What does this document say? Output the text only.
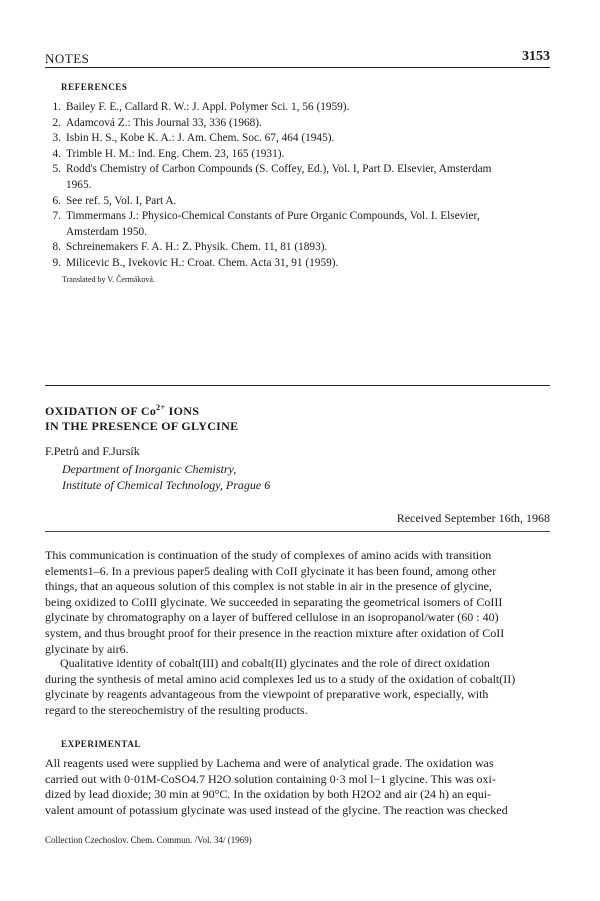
NOTES	3153
REFERENCES
1. Bailey F. E., Callard R. W.: J. Appl. Polymer Sci. 1, 56 (1959).
2. Adamcová Z.: This Journal 33, 336 (1968).
3. Isbin H. S., Kobe K. A.: J. Am. Chem. Soc. 67, 464 (1945).
4. Trimble H. M.: Ind. Eng. Chem. 23, 165 (1931).
5. Rodd's Chemistry of Carbon Compounds (S. Coffey, Ed.), Vol. I, Part D. Elsevier, Amsterdam
1965.
6. See ref. 5, Vol. I, Part A.
7. Timmermans J.: Physico-Chemical Constants of Pure Organic Compounds, Vol. I. Elsevier,
Amsterdam 1950.
8. Schreinemakers F. A. H.: Z. Physik. Chem. 11, 81 (1893).
9. Milicevic B., Ivekovic H.: Croat. Chem. Acta 31, 91 (1959).
Translated by V. Čermáková.
OXIDATION OF $Co^{2+}$ IONS
IN THE PRESENCE OF GLYCINE
F.Petrů and F.Jursík
Department of Inorganic Chemistry,
Institute of Chemical Technology, Prague 6
Received September 16th, 1968
This communication is continuation of the study of complexes of amino acids with transition
elements1–6. In a previous paper5 dealing with CoII glycinate it has been found, among other
things, that an aqueous solution of this complex is not stable in air in the presence of glycine,
being oxidized to CoIII glycinate. We succeeded in separating the geometrical isomers of CoIII
glycinate by chromatography on a layer of buffered cellulose in an isopropanol/water (60 : 40)
system, and thus brought proof for their presence in the reaction mixture after oxidation of CoII
glycinate by air6.
Qualitative identity of cobalt(III) and cobalt(II) glycinates and the role of direct oxidation
during the synthesis of metal amino acid complexes led us to a study of the oxidation of cobalt(II)
glycinate by reagents advantageous from the viewpoint of preparative work, especially, with
regard to the stereochemistry of the resulting products.
EXPERIMENTAL
All reagents used were supplied by Lachema and were of analytical grade. The oxidation was
carried out with 0·01M-CoSO4.7 H2O solution containing 0·3 mol l−1 glycine. This was oxi-
dized by lead dioxide; 30 min at 90°C. In the oxidation by both H2O2 and air (24 h) an equi-
valent amount of potassium glycinate was used instead of the glycine. The reaction was checked
Collection Czechoslov. Chem. Commun. /Vol. 34/ (1969)
